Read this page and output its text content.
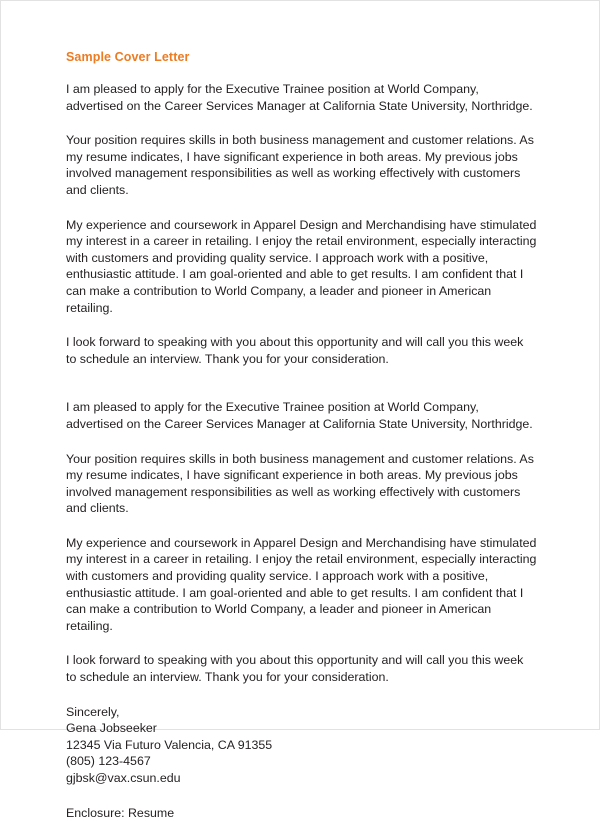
Sample Cover Letter

I am pleased to apply for the Executive Trainee position at World Company, advertised on the Career Services Manager at California State University, Northridge.

Your position requires skills in both business management and customer relations. As my resume indicates, I have significant experience in both areas. My previous jobs involved management responsibilities as well as working effectively with customers and clients.

My experience and coursework in Apparel Design and Merchandising have stimulated my interest in a career in retailing. I enjoy the retail environment, especially interacting with customers and providing quality service. I approach work with a positive, enthusiastic attitude. I am goal-oriented and able to get results. I am confident that I can make a contribution to World Company, a leader and pioneer in American retailing.

I look forward to speaking with you about this opportunity and will call you this week to schedule an interview. Thank you for your consideration.

I am pleased to apply for the Executive Trainee position at World Company, advertised on the Career Services Manager at California State University, Northridge.

Your position requires skills in both business management and customer relations. As my resume indicates, I have significant experience in both areas. My previous jobs involved management responsibilities as well as working effectively with customers and clients.

My experience and coursework in Apparel Design and Merchandising have stimulated my interest in a career in retailing. I enjoy the retail environment, especially interacting with customers and providing quality service. I approach work with a positive, enthusiastic attitude. I am goal-oriented and able to get results. I am confident that I can make a contribution to World Company, a leader and pioneer in American retailing.

I look forward to speaking with you about this opportunity and will call you this week to schedule an interview. Thank you for your consideration.

Sincerely,
Gena Jobseeker
12345 Via Futuro Valencia, CA 91355
(805) 123-4567
gjbsk@vax.csun.edu

Enclosure: Resume
